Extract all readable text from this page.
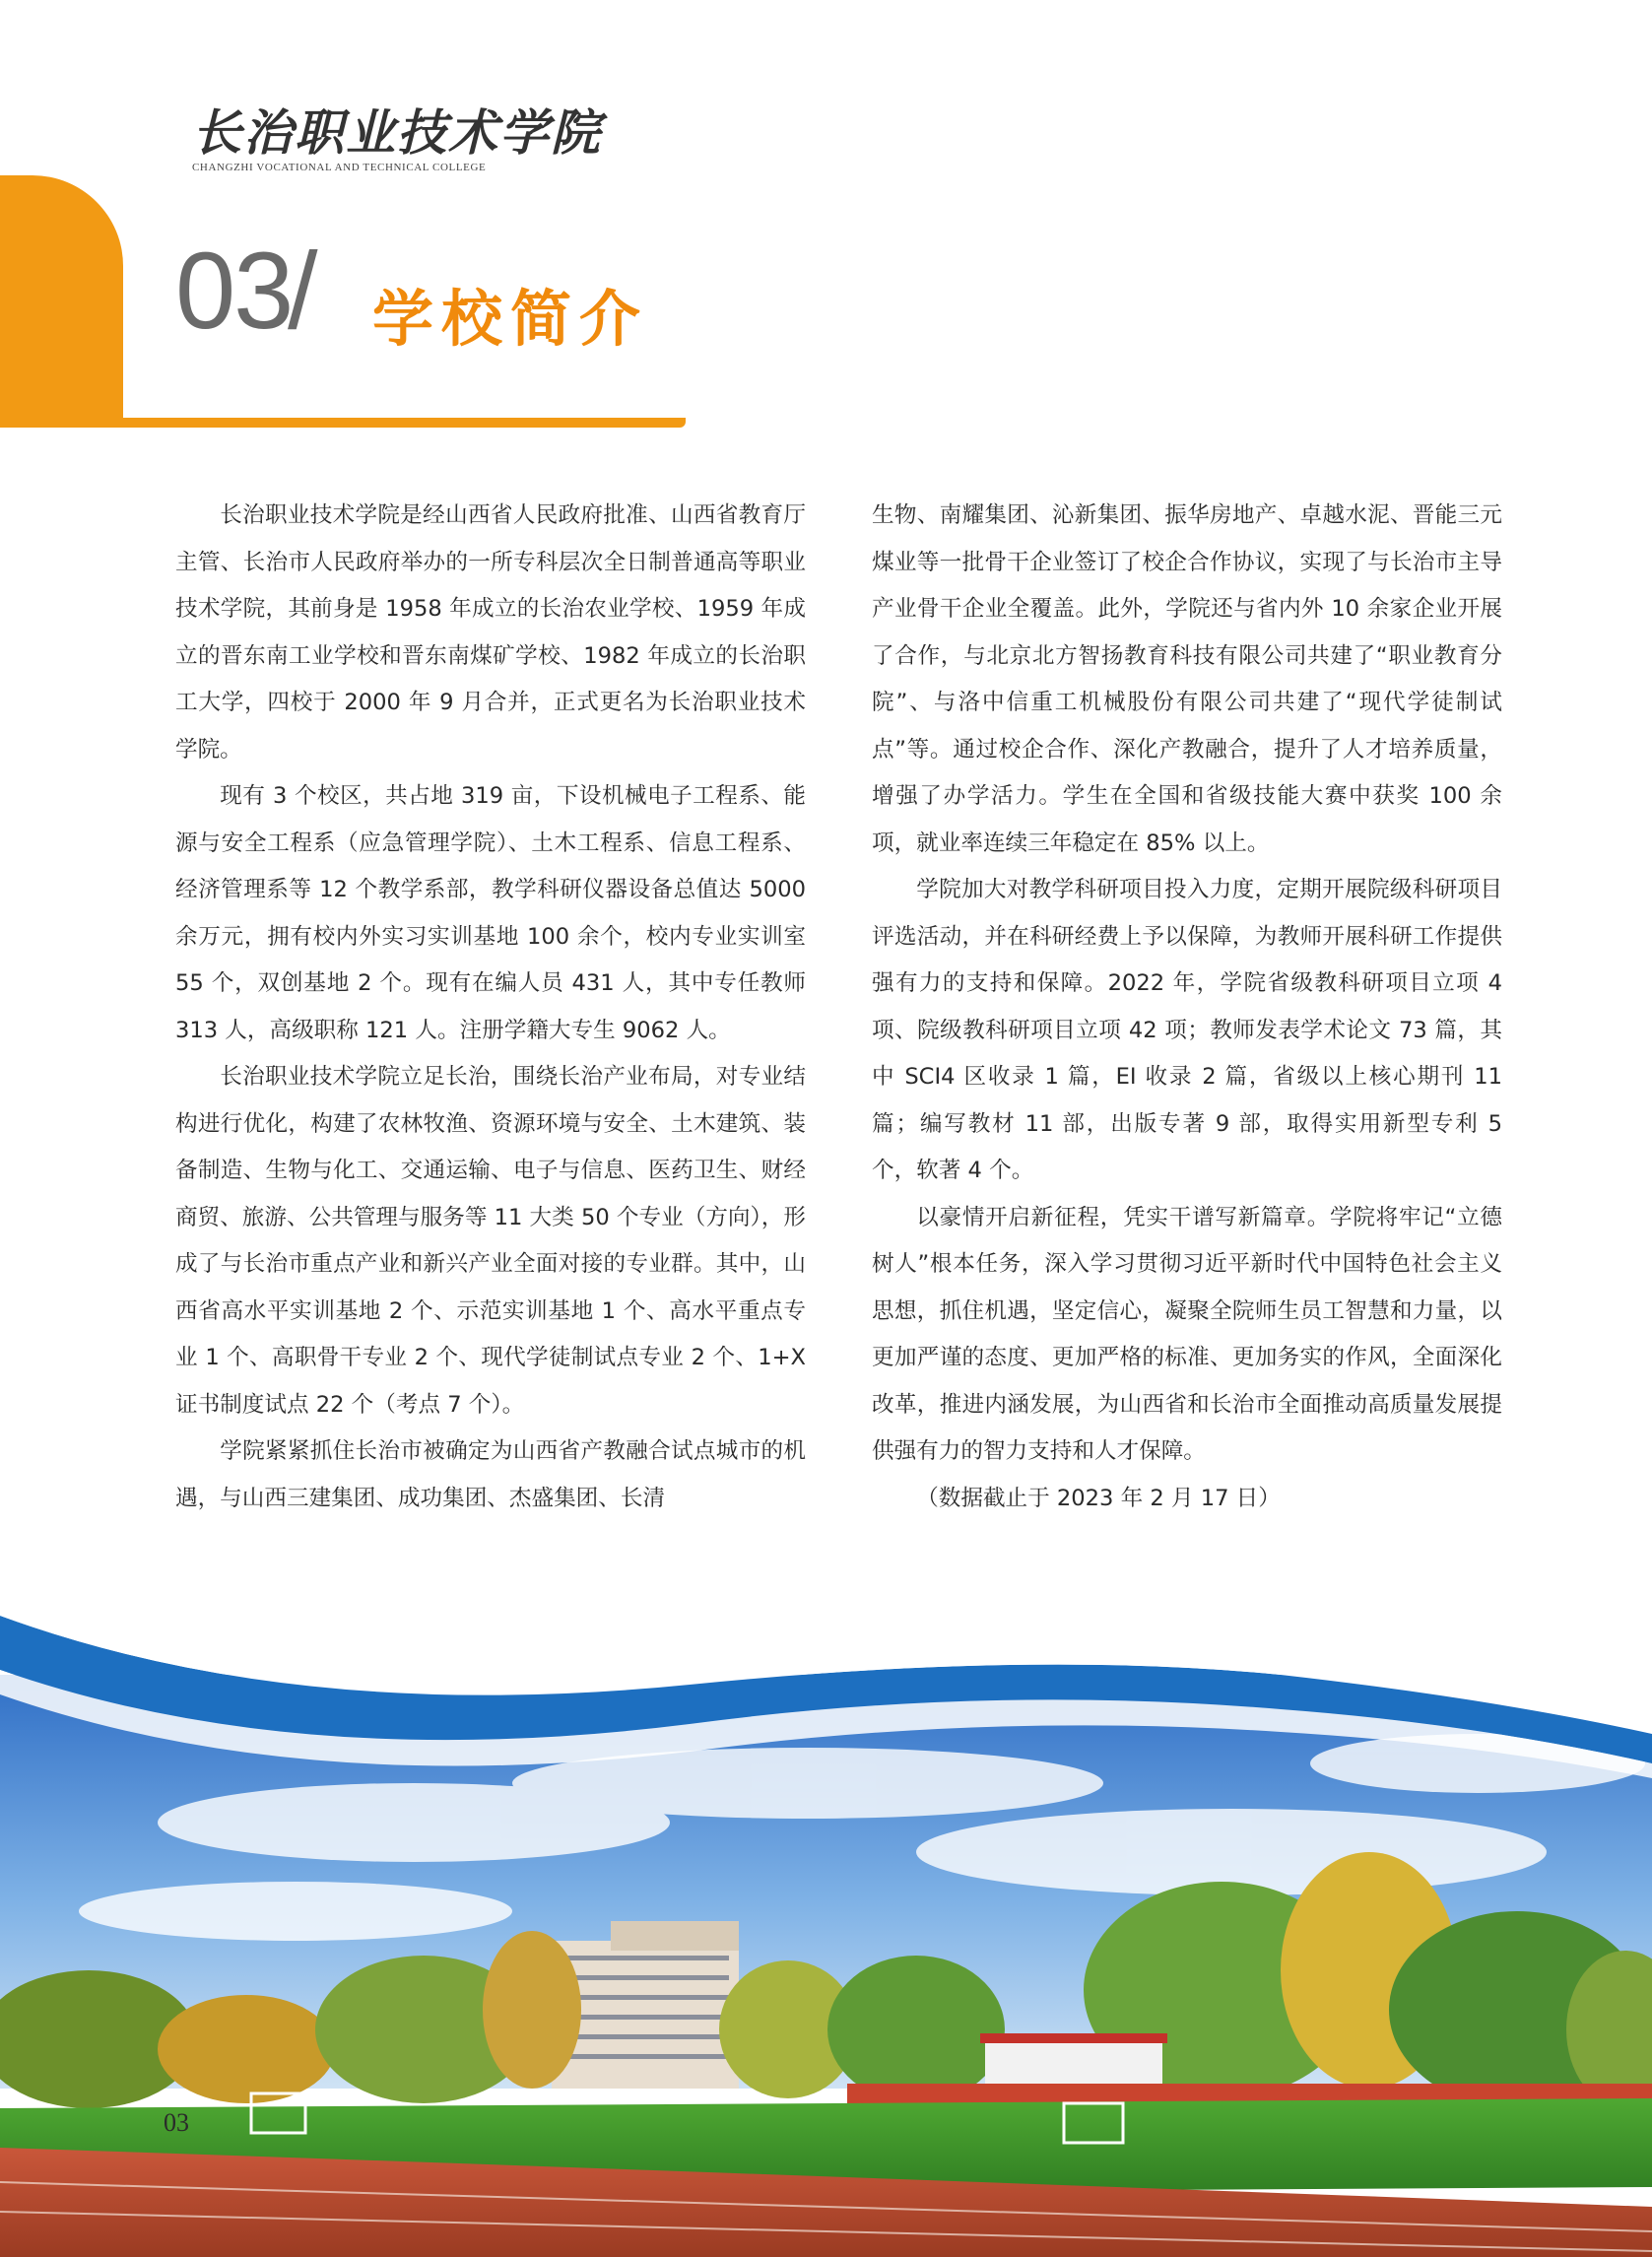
长治职业技术学院
CHANGZHI VOCATIONAL AND TECHNICAL COLLEGE
03
/ 学校简介

长治职业技术学院是经山西省人民政府批准、山西省教育厅主管、长治市人民政府举办的一所专科层次全日制普通高等职业技术学院，其前身是 1958 年成立的长治农业学校、1959 年成立的晋东南工业学校和晋东南煤矿学校、1982 年成立的长治职工大学，四校于 2000 年 9 月合并，正式更名为长治职业技术学院。

现有 3 个校区，共占地 319 亩，下设机械电子工程系、能源与安全工程系（应急管理学院）、土木工程系、信息工程系、经济管理系等 12 个教学系部，教学科研仪器设备总值达 5000 余万元，拥有校内外实习实训基地 100 余个，校内专业实训室 55 个，双创基地 2 个。现有在编人员 431 人，其中专任教师 313 人，高级职称 121 人。注册学籍大专生 9062 人。

长治职业技术学院立足长治，围绕长治产业布局，对专业结构进行优化，构建了农林牧渔、资源环境与安全、土木建筑、装备制造、生物与化工、交通运输、电子与信息、医药卫生、财经商贸、旅游、公共管理与服务等 11 大类 50 个专业（方向），形成了与长治市重点产业和新兴产业全面对接的专业群。其中，山西省高水平实训基地 2 个、示范实训基地 1 个、高水平重点专业 1 个、高职骨干专业 2 个、现代学徒制试点专业 2 个、1+X 证书制度试点 22 个（考点 7 个）。

学院紧紧抓住长治市被确定为山西省产教融合试点城市的机遇，与山西三建集团、成功集团、杰盛集团、长清

生物、南耀集团、沁新集团、振华房地产、卓越水泥、晋能三元煤业等一批骨干企业签订了校企合作协议，实现了与长治市主导产业骨干企业全覆盖。此外，学院还与省内外 10 余家企业开展了合作，与北京北方智扬教育科技有限公司共建了“职业教育分院”、与洛中信重工机械股份有限公司共建了“现代学徒制试点”等。通过校企合作、深化产教融合，提升了人才培养质量，增强了办学活力。学生在全国和省级技能大赛中获奖 100 余项，就业率连续三年稳定在 85% 以上。

学院加大对教学科研项目投入力度，定期开展院级科研项目评选活动，并在科研经费上予以保障，为教师开展科研工作提供强有力的支持和保障。2022 年，学院省级教科研项目立项 4 项、院级教科研项目立项 42 项；教师发表学术论文 73 篇，其中 SCI4 区收录 1 篇，EI 收录 2 篇，省级以上核心期刊 11 篇；编写教材 11 部，出版专著 9 部，取得实用新型专利 5 个，软著 4 个。

以豪情开启新征程，凭实干谱写新篇章。学院将牢记“立德树人”根本任务，深入学习贯彻习近平新时代中国特色社会主义思想，抓住机遇，坚定信心，凝聚全院师生员工智慧和力量，以更加严谨的态度、更加严格的标准、更加务实的作风，全面深化改革，推进内涵发展，为山西省和长治市全面推动高质量发展提供强有力的智力支持和人才保障。

（数据截止于 2023 年 2 月 17 日）

03
